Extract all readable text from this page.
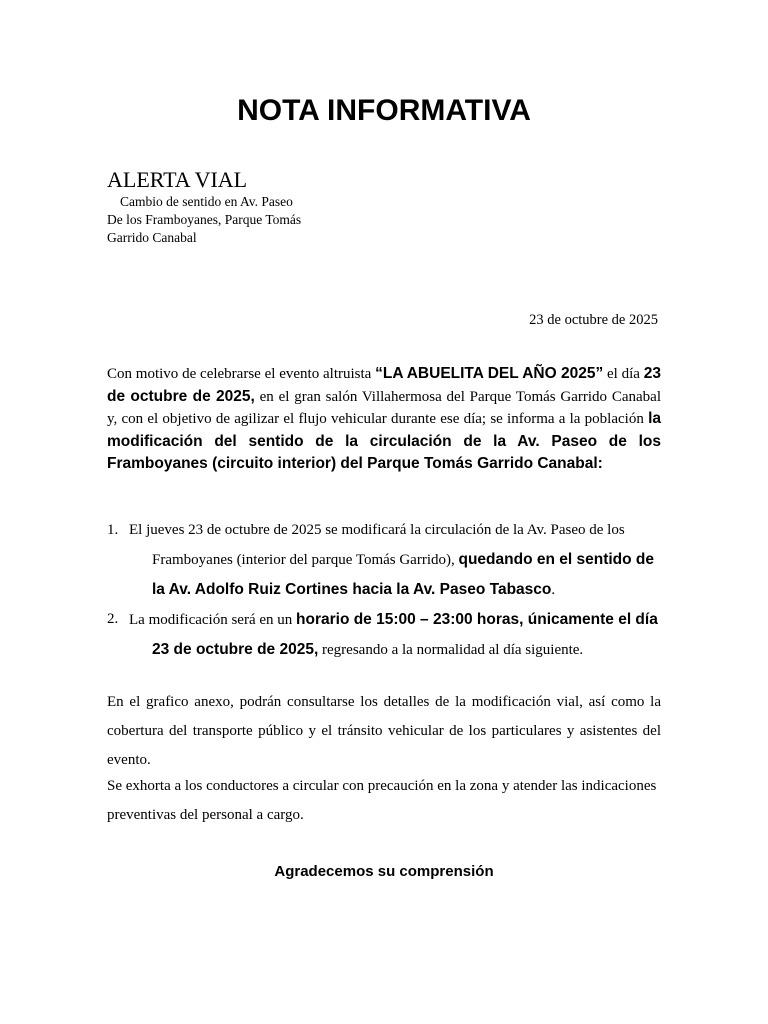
NOTA INFORMATIVA
ALERTA VIAL
Cambio de sentido en Av. Paseo
De los Framboyanes, Parque Tomás
Garrido Canabal
23 de octubre de 2025
Con motivo de celebrarse el evento altruista “LA ABUELITA DEL AÑO 2025” el día 23 de octubre de 2025, en el gran salón Villahermosa del Parque Tomás Garrido Canabal y, con el objetivo de agilizar el flujo vehicular durante ese día; se informa a la población la modificación del sentido de la circulación de la Av. Paseo de los Framboyanes (circuito interior) del Parque Tomás Garrido Canabal:
1. El jueves 23 de octubre de 2025 se modificará la circulación de la Av. Paseo de los Framboyanes (interior del parque Tomás Garrido), quedando en el sentido de la Av. Adolfo Ruiz Cortines hacia la Av. Paseo Tabasco.
2. La modificación será en un horario de 15:00 – 23:00 horas, únicamente el día 23 de octubre de 2025, regresando a la normalidad al día siguiente.
En el grafico anexo, podrán consultarse los detalles de la modificación vial, así como la cobertura del transporte público y el tránsito vehicular de los particulares y asistentes del evento.
Se exhorta a los conductores a circular con precaución en la zona y atender las indicaciones preventivas del personal a cargo.
Agradecemos su comprensión
